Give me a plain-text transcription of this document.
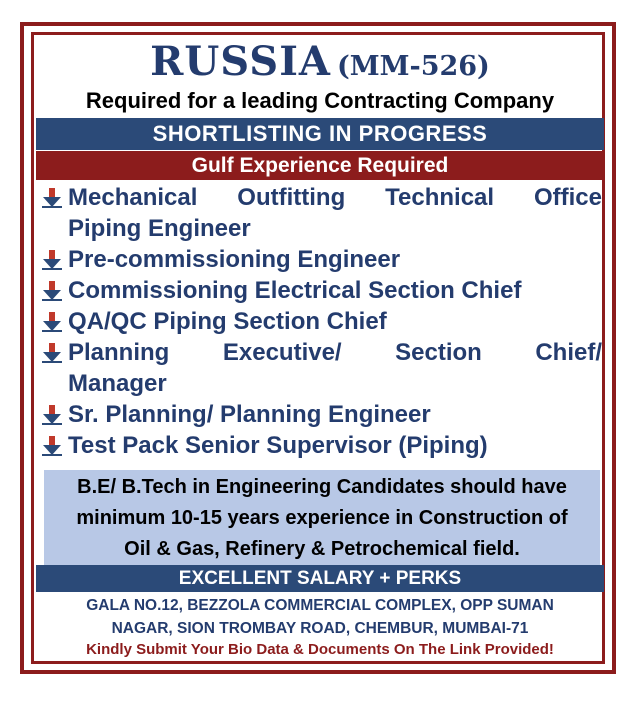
RUSSIA (MM-526)
Required for a leading Contracting Company
SHORTLISTING IN PROGRESS
Gulf Experience Required
Mechanical Outfitting Technical Office
Piping Engineer
Pre-commissioning Engineer
Commissioning Electrical Section Chief
QA/QC Piping Section Chief
Planning Executive/ Section Chief/
Manager
Sr. Planning/ Planning Engineer
Test Pack Senior Supervisor (Piping)
B.E/ B.Tech in Engineering Candidates should have
minimum 10-15 years experience in Construction of
Oil & Gas, Refinery & Petrochemical field.
EXCELLENT SALARY + PERKS
GALA NO.12, BEZZOLA COMMERCIAL COMPLEX, OPP SUMAN
NAGAR, SION TROMBAY ROAD, CHEMBUR, MUMBAI-71
Kindly Submit Your Bio Data & Documents On The Link Provided!
